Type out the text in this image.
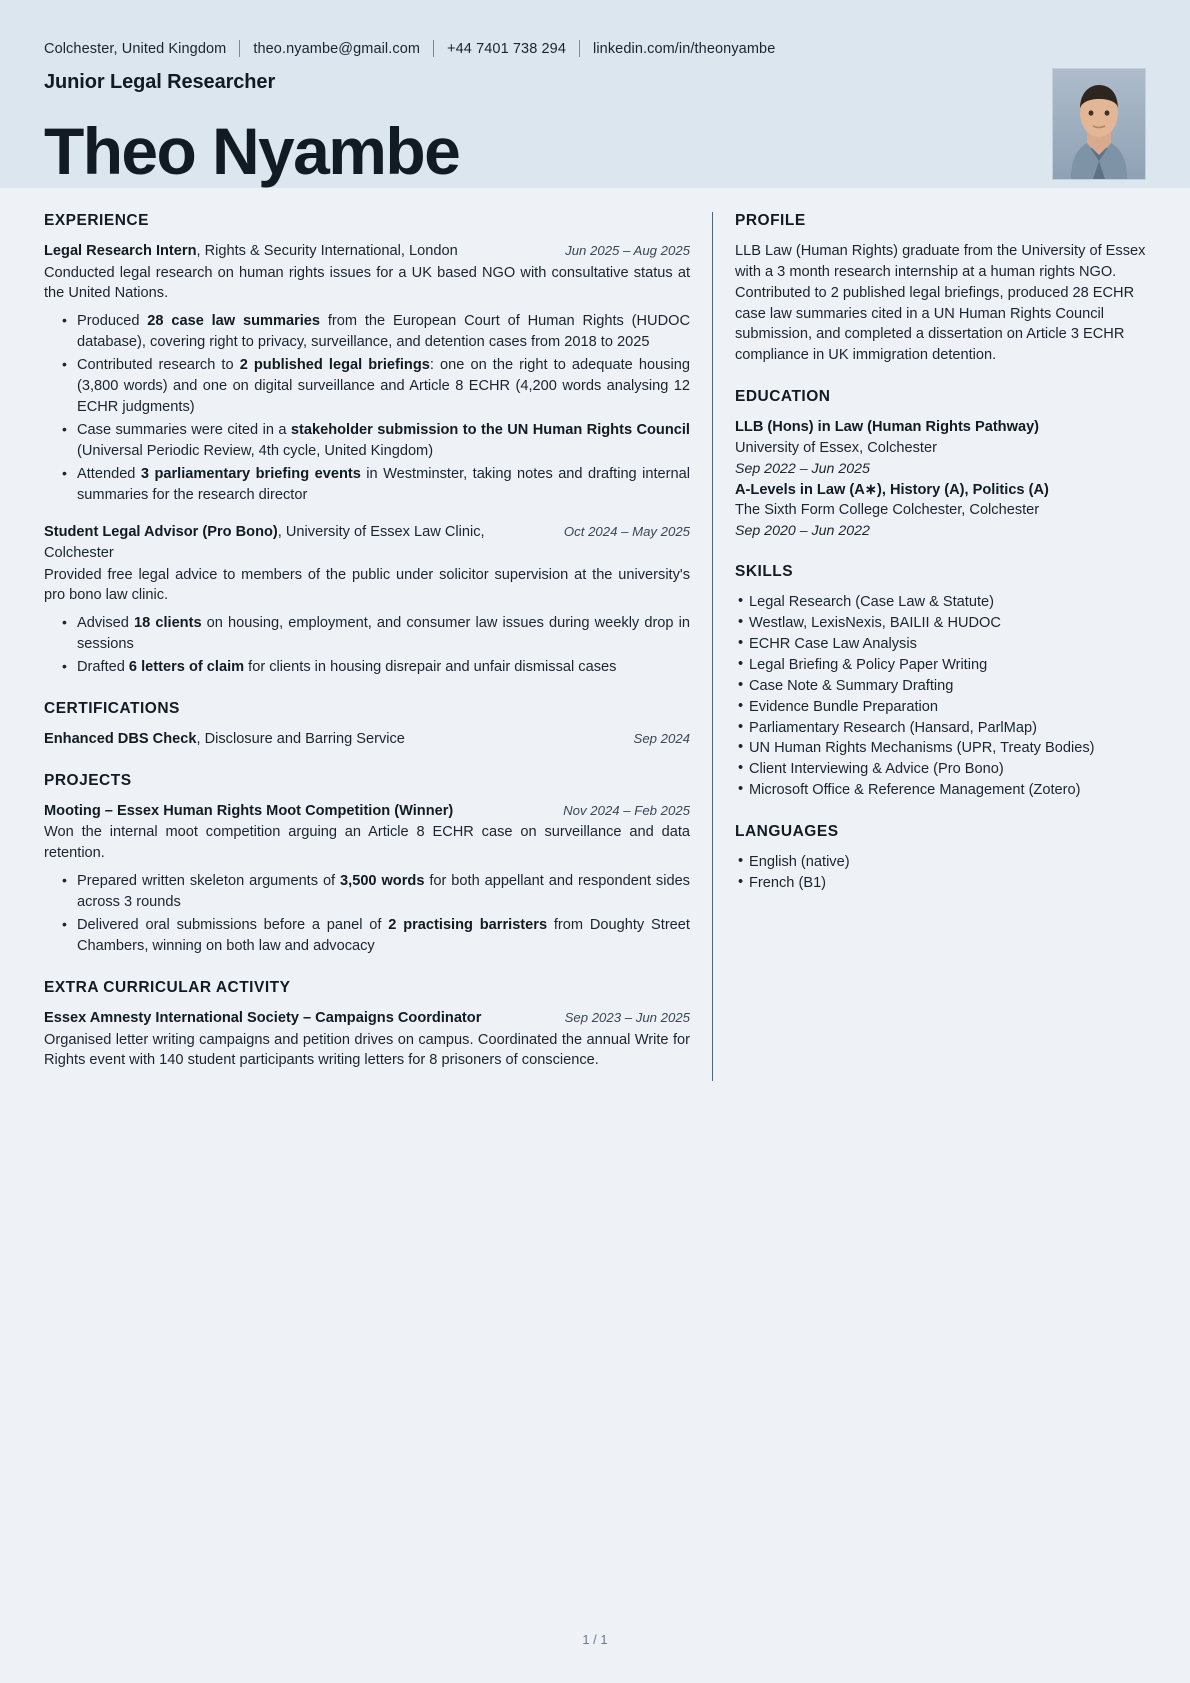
Colchester, United Kingdom	theo.nyambe@gmail.com	+44 7401 738 294	linkedin.com/in/theonyambe
Junior Legal Researcher
Theo Nyambe
EXPERIENCE
Legal Research Intern, Rights & Security International, London	Jun 2025 – Aug 2025
Conducted legal research on human rights issues for a UK based NGO with consultative status at the United Nations.
• Produced 28 case law summaries from the European Court of Human Rights (HUDOC database), covering right to privacy, surveillance, and detention cases from 2018 to 2025
• Contributed research to 2 published legal briefings: one on the right to adequate housing (3,800 words) and one on digital surveillance and Article 8 ECHR (4,200 words analysing 12 ECHR judgments)
• Case summaries were cited in a stakeholder submission to the UN Human Rights Council (Universal Periodic Review, 4th cycle, United Kingdom)
• Attended 3 parliamentary briefing events in Westminster, taking notes and drafting internal summaries for the research director
Student Legal Advisor (Pro Bono), University of Essex Law Clinic, Colchester
Oct 2024 – May 2025
Provided free legal advice to members of the public under solicitor supervision at the university's pro bono law clinic.
• Advised 18 clients on housing, employment, and consumer law issues during weekly drop in sessions
• Drafted 6 letters of claim for clients in housing disrepair and unfair dismissal cases
CERTIFICATIONS
Enhanced DBS Check, Disclosure and Barring Service	Sep 2024
PROJECTS
Mooting – Essex Human Rights Moot Competition (Winner)	Nov 2024 – Feb 2025
Won the internal moot competition arguing an Article 8 ECHR case on surveillance and data retention.
• Prepared written skeleton arguments of 3,500 words for both appellant and respondent sides across 3 rounds
• Delivered oral submissions before a panel of 2 practising barristers from Doughty Street Chambers, winning on both law and advocacy
EXTRA CURRICULAR ACTIVITY
Essex Amnesty International Society – Campaigns Coordinator	Sep 2023 – Jun 2025
Organised letter writing campaigns and petition drives on campus. Coordinated the annual Write for Rights event with 140 student participants writing letters for 8 prisoners of conscience.
PROFILE
LLB Law (Human Rights) graduate from the University of Essex with a 3 month research internship at a human rights NGO. Contributed to 2 published legal briefings, produced 28 ECHR case law summaries cited in a UN Human Rights Council submission, and completed a dissertation on Article 3 ECHR compliance in UK immigration detention.
EDUCATION
LLB (Hons) in Law (Human Rights Pathway)
University of Essex, Colchester
Sep 2022 – Jun 2025
A-Levels in Law (A∗), History (A), Politics (A)
The Sixth Form College Colchester, Colchester
Sep 2020 – Jun 2022
SKILLS
• Legal Research (Case Law & Statute)
• Westlaw, LexisNexis, BAILII & HUDOC
• ECHR Case Law Analysis
• Legal Briefing & Policy Paper Writing
• Case Note & Summary Drafting
• Evidence Bundle Preparation
• Parliamentary Research (Hansard, ParlMap)
• UN Human Rights Mechanisms (UPR, Treaty Bodies)
• Client Interviewing & Advice (Pro Bono)
• Microsoft Office & Reference Management (Zotero)
LANGUAGES
• English (native)
• French (B1)
1 / 1
